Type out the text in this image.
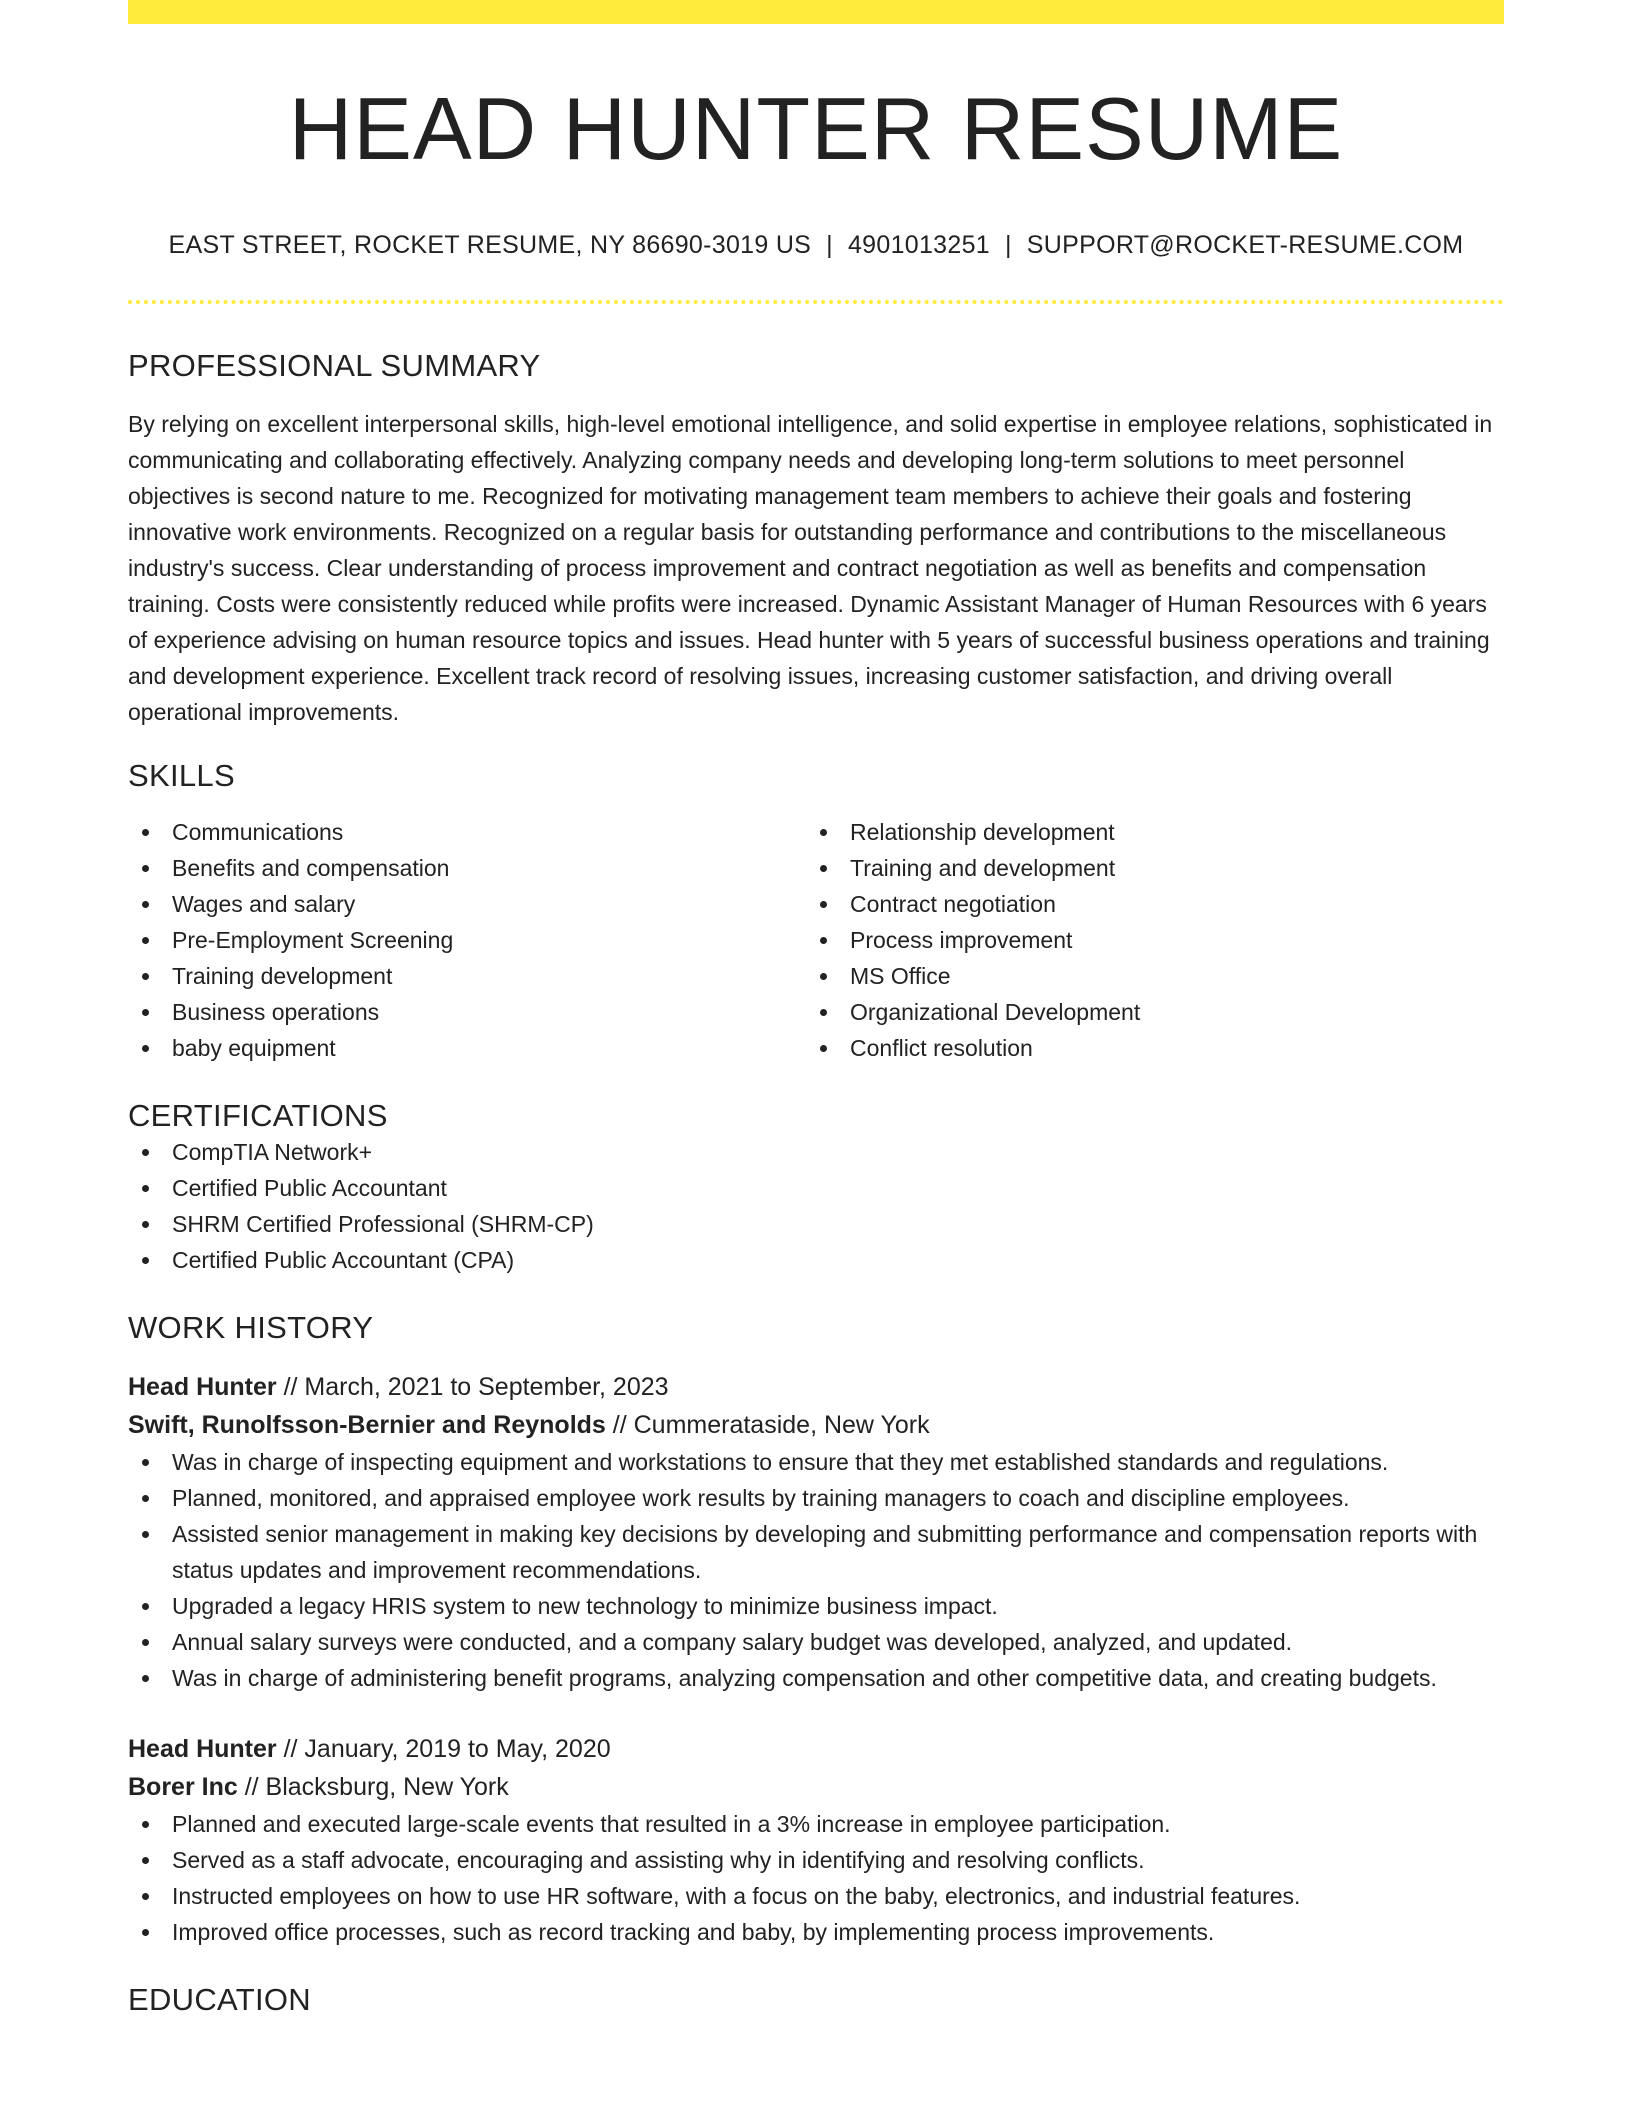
HEAD HUNTER RESUME
EAST STREET, ROCKET RESUME, NY 86690-3019 US | 4901013251 | SUPPORT@ROCKET-RESUME.COM
PROFESSIONAL SUMMARY

By relying on excellent interpersonal skills, high-level emotional intelligence, and solid expertise in employee relations, sophisticated in communicating and collaborating effectively. Analyzing company needs and developing long-term solutions to meet personnel objectives is second nature to me. Recognized for motivating management team members to achieve their goals and fostering innovative work environments. Recognized on a regular basis for outstanding performance and contributions to the miscellaneous industry's success. Clear understanding of process improvement and contract negotiation as well as benefits and compensation training. Costs were consistently reduced while profits were increased. Dynamic Assistant Manager of Human Resources with 6 years of experience advising on human resource topics and issues. Head hunter with 5 years of successful business operations and training and development experience. Excellent track record of resolving issues, increasing customer satisfaction, and driving overall operational improvements.

SKILLS
Communications
Benefits and compensation
Wages and salary
Pre-Employment Screening
Training development
Business operations
baby equipment
Relationship development
Training and development
Contract negotiation
Process improvement
MS Office
Organizational Development
Conflict resolution
CERTIFICATIONS
CompTIA Network+
Certified Public Accountant
SHRM Certified Professional (SHRM-CP)
Certified Public Accountant (CPA)
WORK HISTORY
Head Hunter // March, 2021 to September, 2023
Swift, Runolfsson-Bernier and Reynolds // Cummerataside, New York
Was in charge of inspecting equipment and workstations to ensure that they met established standards and regulations.
Planned, monitored, and appraised employee work results by training managers to coach and discipline employees.
Assisted senior management in making key decisions by developing and submitting performance and compensation reports with status updates and improvement recommendations.
Upgraded a legacy HRIS system to new technology to minimize business impact.
Annual salary surveys were conducted, and a company salary budget was developed, analyzed, and updated.
Was in charge of administering benefit programs, analyzing compensation and other competitive data, and creating budgets.
Head Hunter // January, 2019 to May, 2020
Borer Inc // Blacksburg, New York
Planned and executed large-scale events that resulted in a 3% increase in employee participation.
Served as a staff advocate, encouraging and assisting why in identifying and resolving conflicts.
Instructed employees on how to use HR software, with a focus on the baby, electronics, and industrial features.
Improved office processes, such as record tracking and baby, by implementing process improvements.
EDUCATION
